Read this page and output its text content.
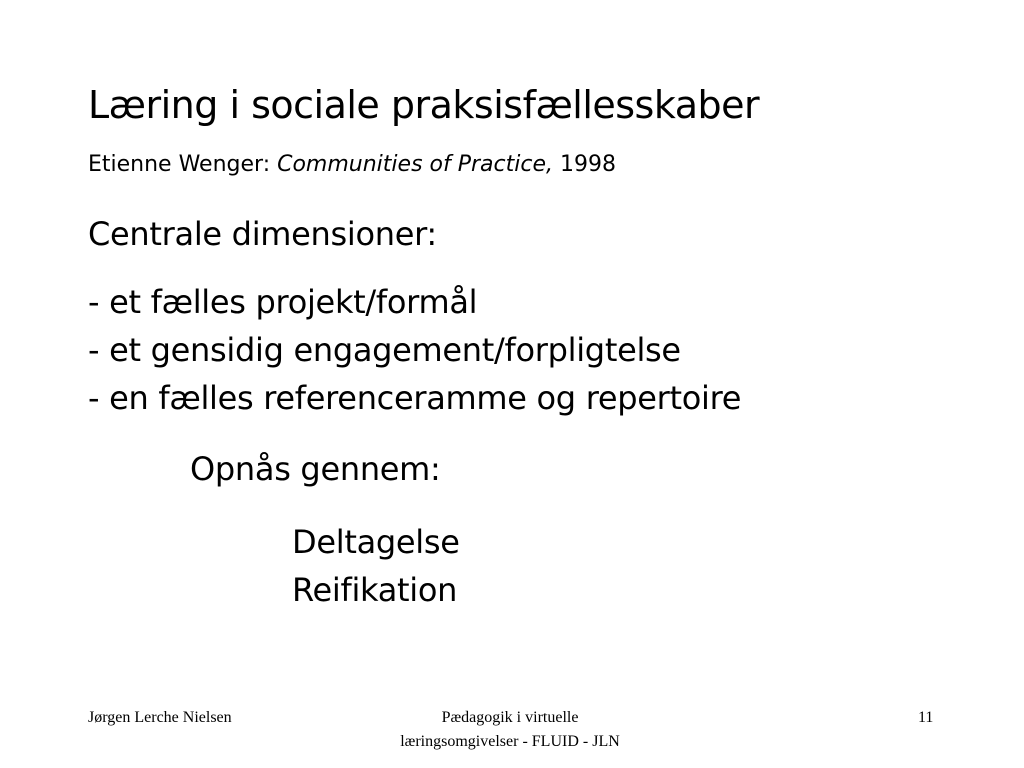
Læring i sociale praksisfællesskaber
Etienne Wenger: Communities of Practice, 1998
Centrale dimensioner:
- et fælles projekt/formål
- et gensidig engagement/forpligtelse
- en fælles referenceramme og repertoire
Opnås gennem:
Deltagelse
Reifikation
Jørgen Lerche Nielsen	Pædagogik i virtuelle
læringsomgivelser - FLUID - JLN
11
